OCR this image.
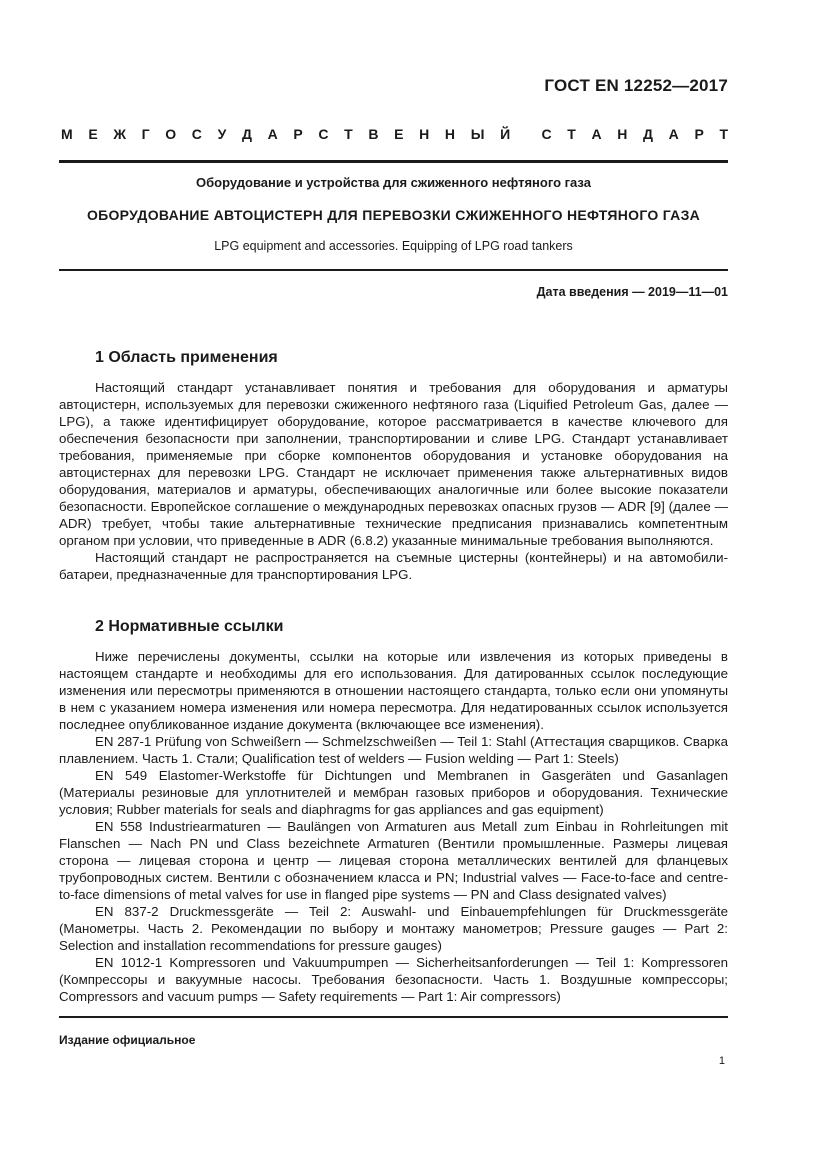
ГОСТ EN 12252—2017
М Е Ж Г О С У Д А Р С Т В Е Н Н Ы Й С Т А Н Д А Р Т
Оборудование и устройства для сжиженного нефтяного газа
ОБОРУДОВАНИЕ АВТОЦИСТЕРН ДЛЯ ПЕРЕВОЗКИ СЖИЖЕННОГО НЕФТЯНОГО ГАЗА
LPG equipment and accessories. Equipping of LPG road tankers
Дата введения — 2019—11—01
1 Область применения

Настоящий стандарт устанавливает понятия и требования для оборудования и арматуры автоцистерн, используемых для перевозки сжиженного нефтяного газа (Liquified Petroleum Gas, далее — LPG), а также идентифицирует оборудование, которое рассматривается в качестве ключевого для обеспечения безопасности при заполнении, транспортировании и сливе LPG. Стандарт устанавливает требования, применяемые при сборке компонентов оборудования и установке оборудования на автоцистернах для перевозки LPG. Стандарт не исключает применения также альтернативных видов оборудования, материалов и арматуры, обеспечивающих аналогичные или более высокие показатели безопасности. Европейское соглашение о международных перевозках опасных грузов — ADR [9] (далее — ADR) требует, чтобы такие альтернативные технические предписания признавались компетентным органом при условии, что приведенные в ADR (6.8.2) указанные минимальные требования выполняются.

Настоящий стандарт не распространяется на съемные цистерны (контейнеры) и на автомобили-батареи, предназначенные для транспортирования LPG.

2 Нормативные ссылки

Ниже перечислены документы, ссылки на которые или извлечения из которых приведены в настоящем стандарте и необходимы для его использования. Для датированных ссылок последующие изменения или пересмотры применяются в отношении настоящего стандарта, только если они упомянуты в нем с указанием номера изменения или номера пересмотра. Для недатированных ссылок используется последнее опубликованное издание документа (включающее все изменения).

EN 287-1 Prüfung von Schweißern — Schmelzschweißen — Teil 1: Stahl (Аттестация сварщиков. Сварка плавлением. Часть 1. Стали; Qualification test of welders — Fusion welding — Part 1: Steels)

EN 549 Elastomer-Werkstoffe für Dichtungen und Membranen in Gasgeräten und Gasanlagen (Материалы резиновые для уплотнителей и мембран газовых приборов и оборудования. Технические условия; Rubber materials for seals and diaphragms for gas appliances and gas equipment)

EN 558 Industriearmaturen — Baulängen von Armaturen aus Metall zum Einbau in Rohrleitungen mit Flanschen — Nach PN und Class bezeichnete Armaturen (Вентили промышленные. Размеры лицевая сторона — лицевая сторона и центр — лицевая сторона металлических вентилей для фланцевых трубопроводных систем. Вентили с обозначением класса и PN; Industrial valves — Face-to-face and centre-to-face dimensions of metal valves for use in flanged pipe systems — PN and Class designated valves)

EN 837-2 Druckmessgeräte — Teil 2: Auswahl- und Einbauempfehlungen für Druckmessgeräte (Манометры. Часть 2. Рекомендации по выбору и монтажу манометров; Pressure gauges — Part 2: Selection and installation recommendations for pressure gauges)

EN 1012-1 Kompressoren und Vakuumpumpen — Sicherheitsanforderungen — Teil 1: Kompressoren (Компрессоры и вакуумные насосы. Требования безопасности. Часть 1. Воздушные компрессоры; Compressors and vacuum pumps — Safety requirements — Part 1: Air compressors)

Издание официальное
1
